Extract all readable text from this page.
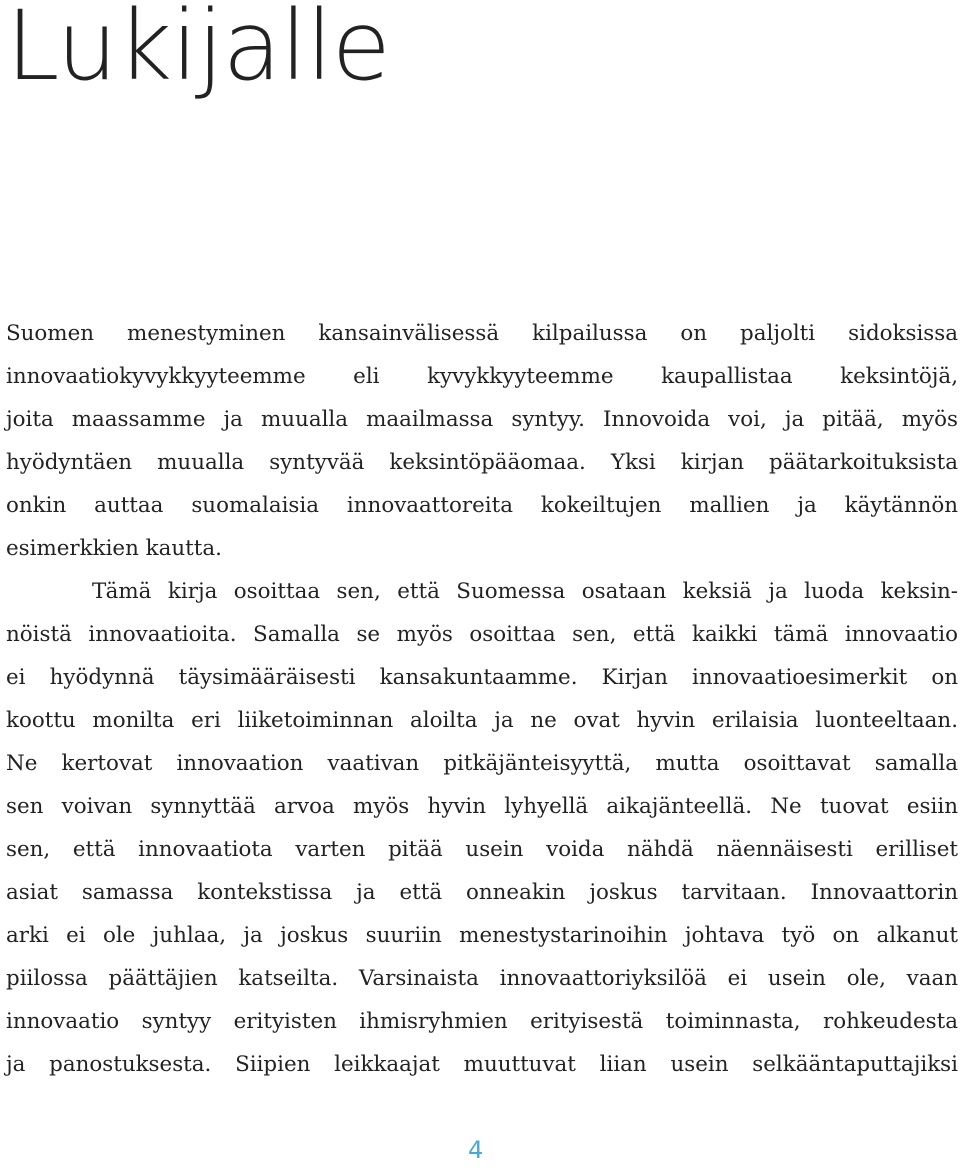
Lukijalle
Suomen menestyminen kansainvälisessä kilpailussa on paljolti sidoksissa
innovaatiokyvykkyyteemme eli kyvykkyyteemme kaupallistaa keksintöjä,
joita maassamme ja muualla maailmassa syntyy. Innovoida voi, ja pitää, myös
hyödyntäen muualla syntyvää keksintöpääomaa. Yksi kirjan päätarkoituksista
onkin auttaa suomalaisia innovaattoreita kokeiltujen mallien ja käytännön
esimerkkien kautta.
Tämä kirja osoittaa sen, että Suomessa osataan keksiä ja luoda keksin-
nöistä innovaatioita. Samalla se myös osoittaa sen, että kaikki tämä innovaatio
ei hyödynnä täysimääräisesti kansakuntaamme. Kirjan innovaatioesimerkit on
koottu monilta eri liiketoiminnan aloilta ja ne ovat hyvin erilaisia luonteeltaan.
Ne kertovat innovaation vaativan pitkäjänteisyyttä, mutta osoittavat samalla
sen voivan synnyttää arvoa myös hyvin lyhyellä aikajänteellä. Ne tuovat esiin
sen, että innovaatiota varten pitää usein voida nähdä näennäisesti erilliset
asiat samassa kontekstissa ja että onneakin joskus tarvitaan. Innovaattorin
arki ei ole juhlaa, ja joskus suuriin menestystarinoihin johtava työ on alkanut
piilossa päättäjien katseilta. Varsinaista innovaattoriyksilöä ei usein ole, vaan
innovaatio syntyy erityisten ihmisryhmien erityisestä toiminnasta, rohkeudesta
ja panostuksesta. Siipien leikkaajat muuttuvat liian usein selkääntaputtajiksi
4
